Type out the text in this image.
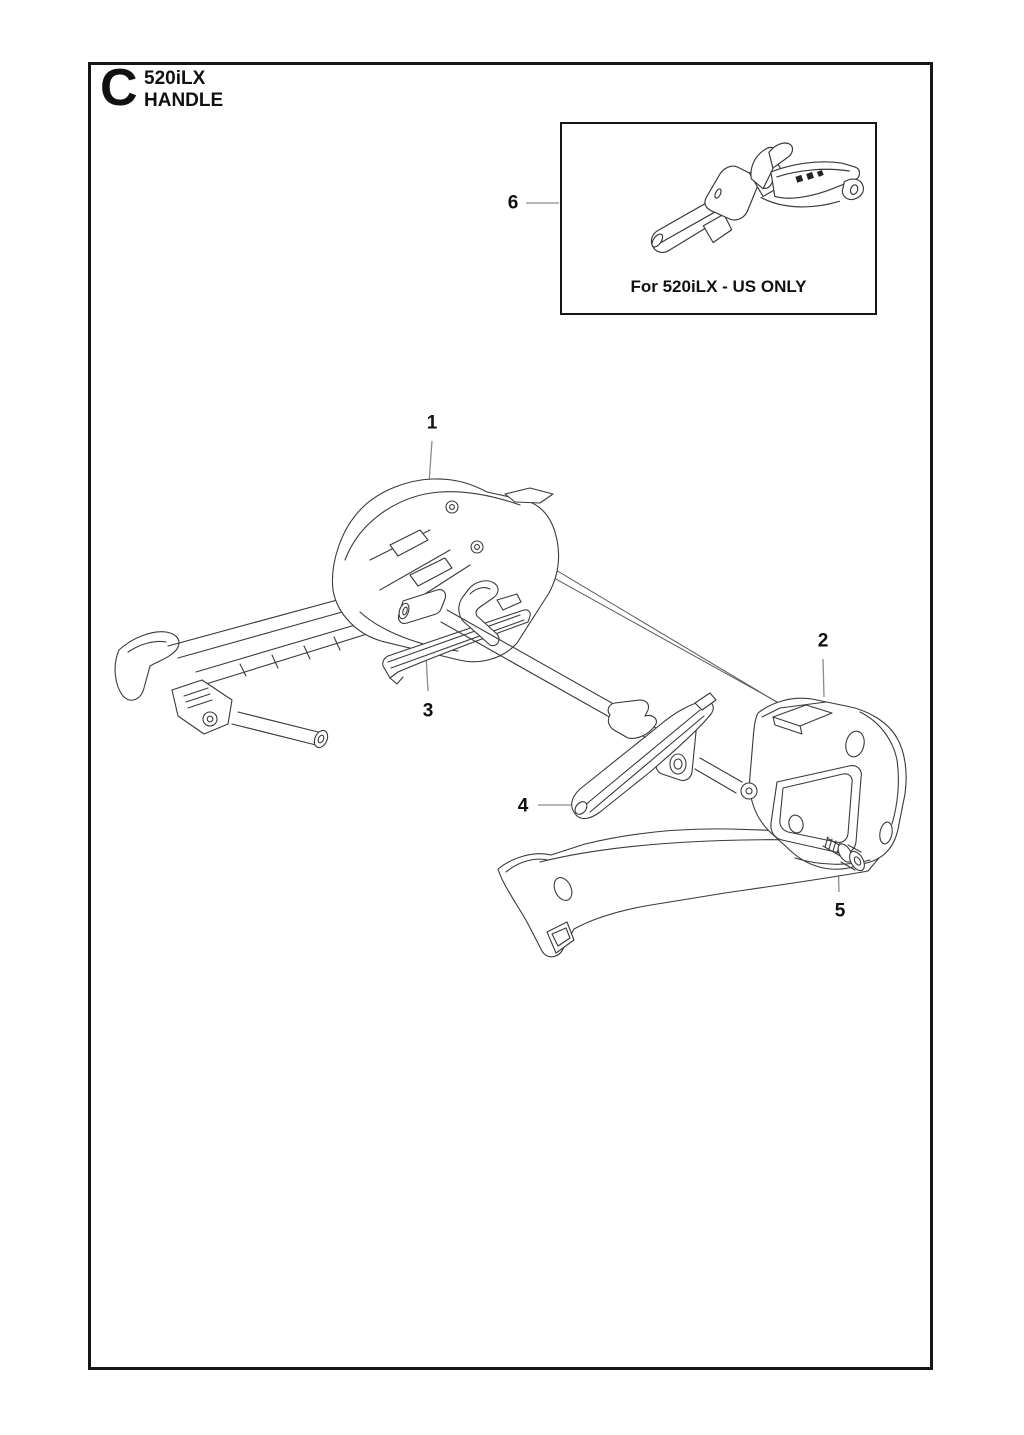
C 520iLX
HANDLE
For 520iLX - US ONLY
1
2
3
4
5
6
